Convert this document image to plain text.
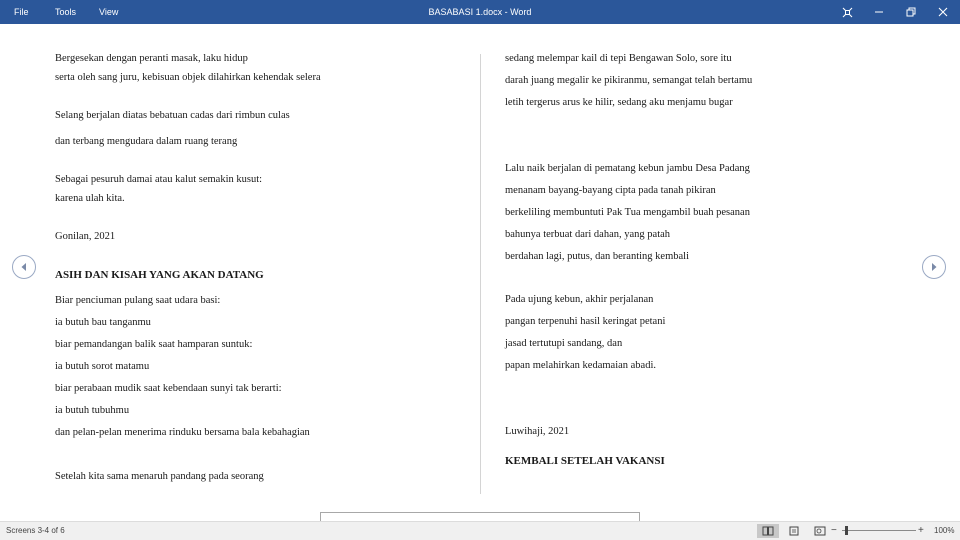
File	Tools	View	BASABASI 1.docx - Word
Bergesekan dengan peranti masak, laku hidup
serta oleh sang juru, kebisuan objek dilahirkan kehendak selera
Selang berjalan diatas bebatuan cadas dari rimbun culas
dan terbang mengudara dalam ruang terang
Sebagai pesuruh damai atau kalut semakin kusut:
karena ulah kita.
Gonilan, 2021
ASIH DAN KISAH YANG AKAN DATANG
Biar penciuman pulang saat udara basi:
ia butuh bau tanganmu
biar pemandangan balik saat hamparan suntuk:
ia butuh sorot matamu
biar perabaan mudik saat kebendaan sunyi tak berarti:
ia butuh tubuhmu
dan pelan-pelan menerima rinduku bersama bala kebahagian
Setelah kita sama menaruh pandang pada seorang
sedang melempar kail di tepi Bengawan Solo, sore itu
darah juang megalir ke pikiranmu, semangat telah bertamu
letih tergerus arus ke hilir, sedang aku menjamu bugar
Lalu naik berjalan di pematang kebun jambu Desa Padang
menanam bayang-bayang cipta pada tanah pikiran
berkeliling membuntuti Pak Tua mengambil buah pesanan
bahunya terbuat dari dahan, yang patah
berdahan lagi, putus, dan beranting kembali
Pada ujung kebun, akhir perjalanan
pangan terpenuhi hasil keringat petani
jasad tertutupi sandang, dan
papan melahirkan kedamaian abadi.
Luwihaji, 2021
KEMBALI SETELAH VAKANSI
Screens 3-4 of 6	−	+ 100%
